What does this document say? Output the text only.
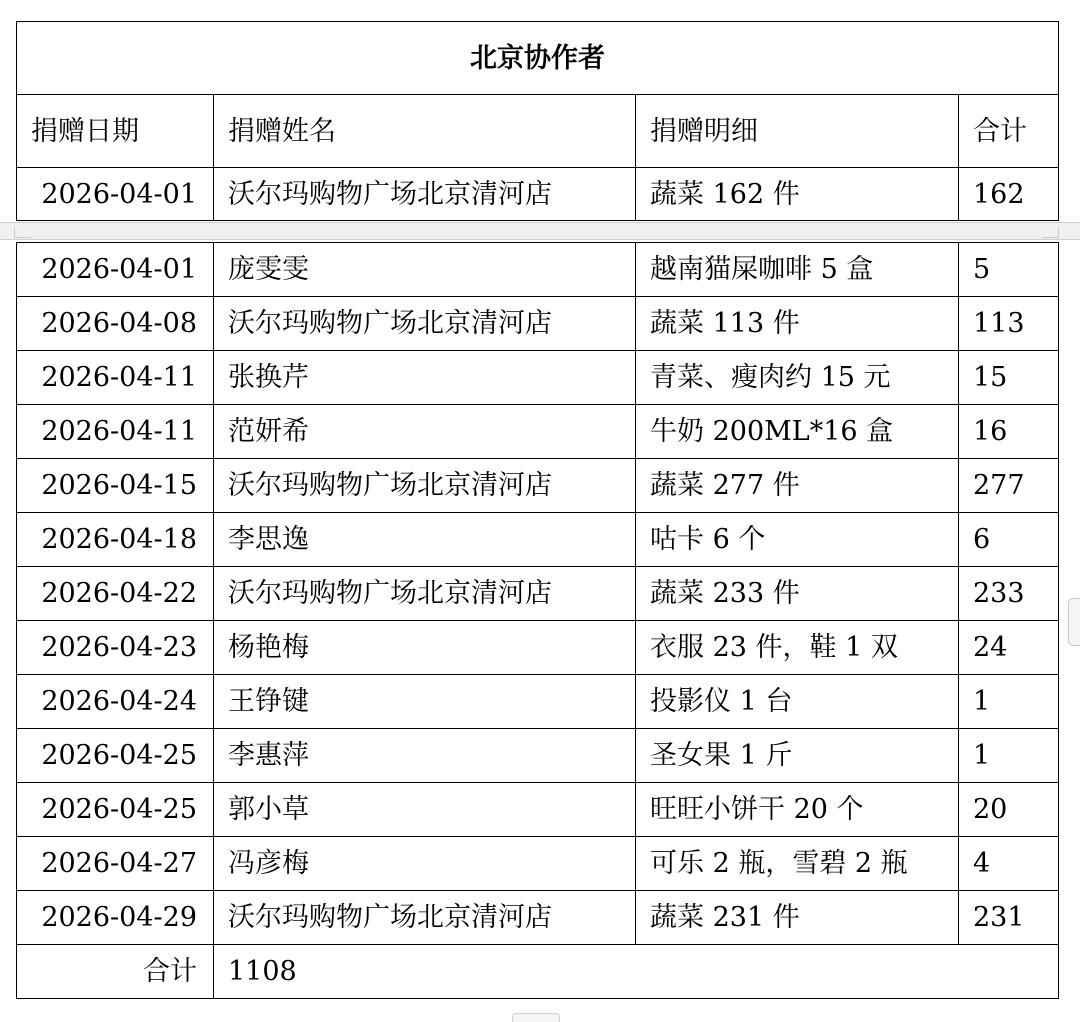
北京协作者			
捐赠日期	捐赠姓名	捐赠明细	合计
2026-04-01	沃尔玛购物广场北京清河店	蔬菜 162 件	162
2026-04-01	庞雯雯	越南猫屎咖啡 5 盒	5
2026-04-08	沃尔玛购物广场北京清河店	蔬菜 113 件	113
2026-04-11	张换芹	青菜、瘦肉约 15 元	15
2026-04-11	范妍希	牛奶 200ML*16 盒	16
2026-04-15	沃尔玛购物广场北京清河店	蔬菜 277 件	277
2026-04-18	李思逸	咕卡 6 个	6
2026-04-22	沃尔玛购物广场北京清河店	蔬菜 233 件	233
2026-04-23	杨艳梅	衣服 23 件，鞋 1 双	24
2026-04-24	王铮键	投影仪 1 台	1
2026-04-25	李惠萍	圣女果 1 斤	1
2026-04-25	郭小草	旺旺小饼干 20 个	20
2026-04-27	冯彦梅	可乐 2 瓶，雪碧 2 瓶	4
2026-04-29	沃尔玛购物广场北京清河店	蔬菜 231 件	231
合计	1108		
